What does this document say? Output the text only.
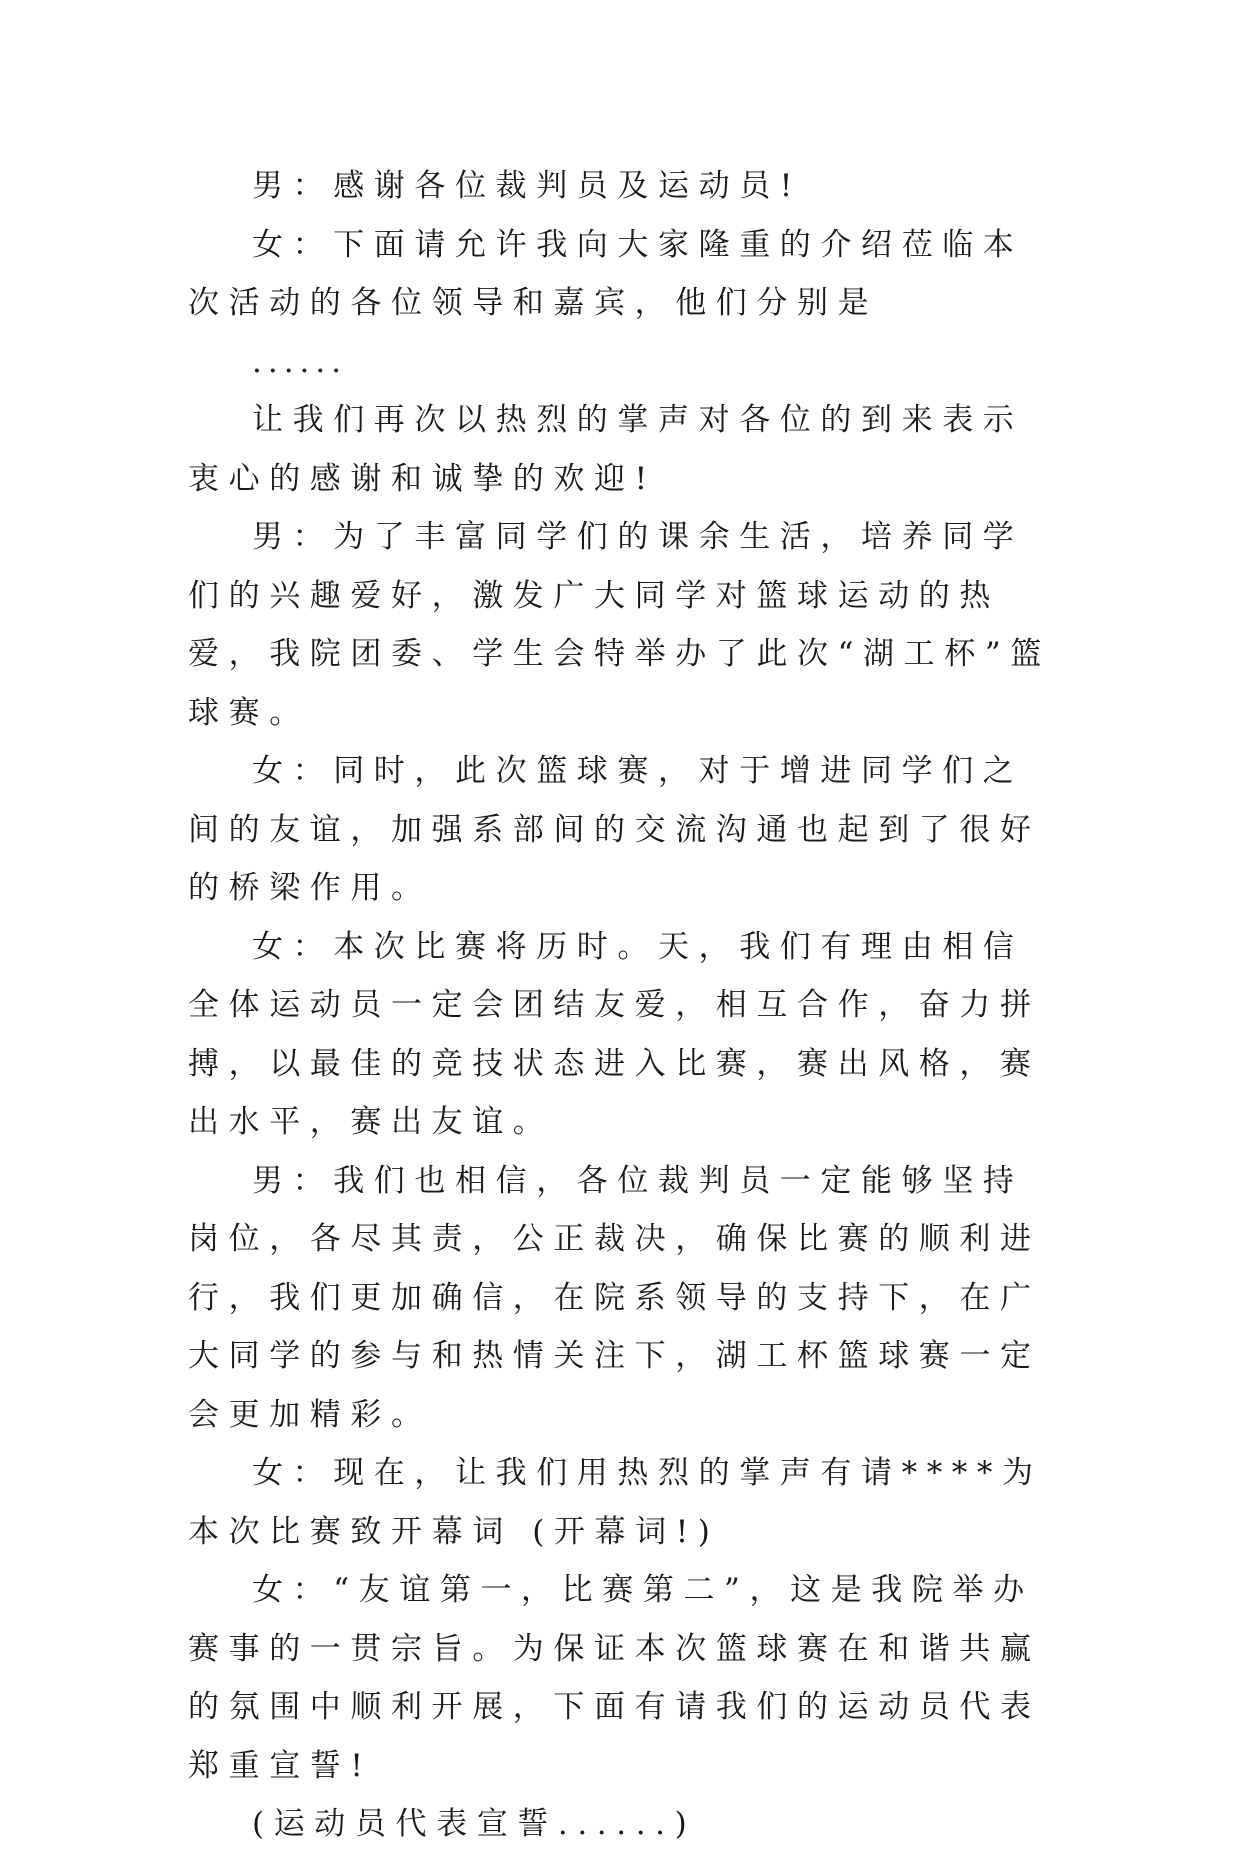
男：感谢各位裁判员及运动员!

女：下面请允许我向大家隆重的介绍莅临本次活动的各位领导和嘉宾，他们分别是

......

让我们再次以热烈的掌声对各位的到来表示衷心的感谢和诚挚的欢迎!

男：为了丰富同学们的课余生活，培养同学们的兴趣爱好，激发广大同学对篮球运动的热爱，我院团委、学生会特举办了此次“湖工杯”篮球赛。

女：同时，此次篮球赛，对于增进同学们之间的友谊，加强系部间的交流沟通也起到了很好的桥梁作用。

女：本次比赛将历时。天，我们有理由相信全体运动员一定会团结友爱，相互合作，奋力拼搏，以最佳的竞技状态进入比赛，赛出风格，赛出水平，赛出友谊。

男：我们也相信，各位裁判员一定能够坚持岗位，各尽其责，公正裁决，确保比赛的顺利进行，我们更加确信，在院系领导的支持下，在广大同学的参与和热情关注下，湖工杯篮球赛一定会更加精彩。

女：现在，让我们用热烈的掌声有请****为本次比赛致开幕词 (开幕词!)

女：“友谊第一，比赛第二”，这是我院举办赛事的一贯宗旨。为保证本次篮球赛在和谐共赢的氛围中顺利开展，下面有请我们的运动员代表郑重宣誓!

(运动员代表宣誓......)
